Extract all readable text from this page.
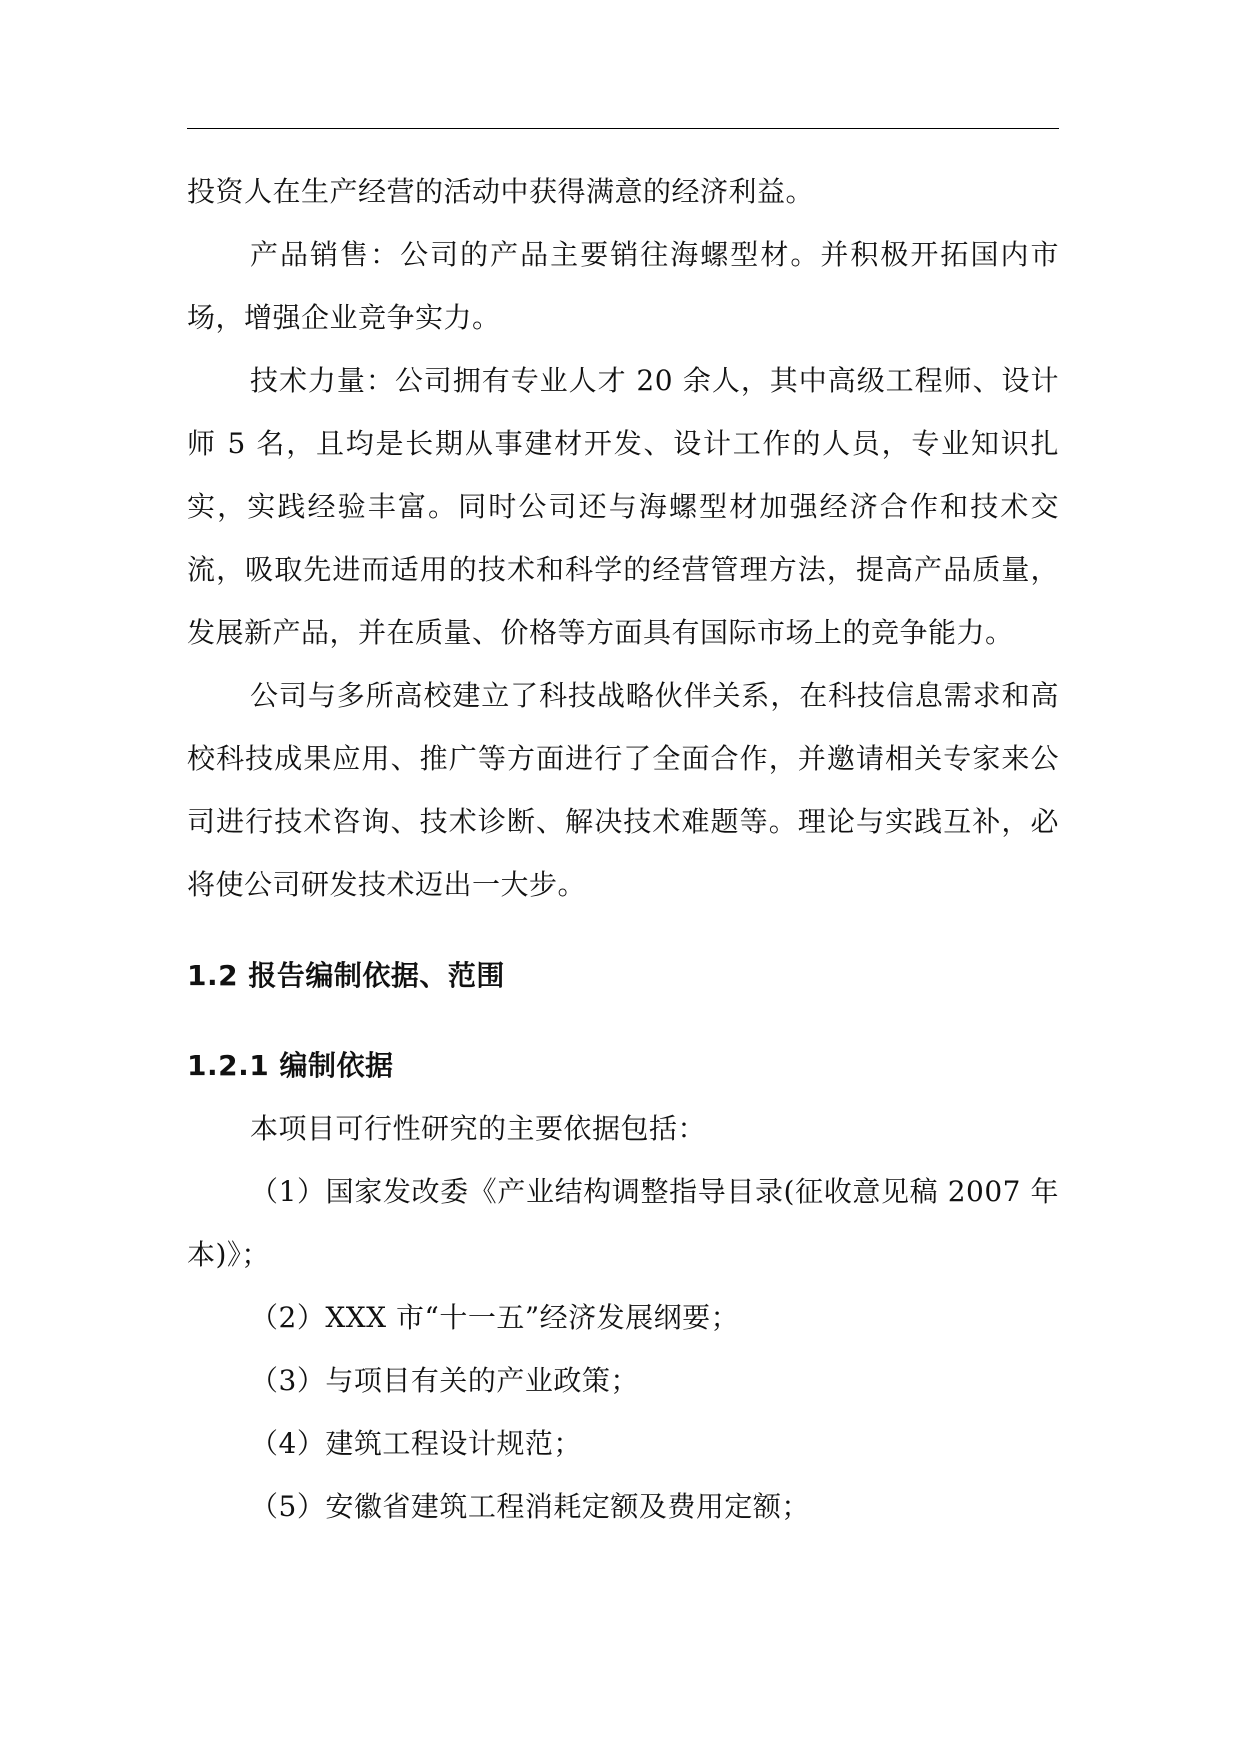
投资人在生产经营的活动中获得满意的经济利益。

产品销售：公司的产品主要销往海螺型材。并积极开拓国内市场，增强企业竞争实力。

技术力量：公司拥有专业人才 20 余人，其中高级工程师、设计师 5 名，且均是长期从事建材开发、设计工作的人员，专业知识扎实，实践经验丰富。同时公司还与海螺型材加强经济合作和技术交流，吸取先进而适用的技术和科学的经营管理方法，提高产品质量，发展新产品，并在质量、价格等方面具有国际市场上的竞争能力。

公司与多所高校建立了科技战略伙伴关系，在科技信息需求和高校科技成果应用、推广等方面进行了全面合作，并邀请相关专家来公司进行技术咨询、技术诊断、解决技术难题等。理论与实践互补，必将使公司研发技术迈出一大步。

1.2 报告编制依据、范围
1.2.1 编制依据

本项目可行性研究的主要依据包括：

（1）国家发改委《产业结构调整指导目录(征收意见稿 2007 年本)》；
（2）XXX 市“十一五”经济发展纲要；
（3）与项目有关的产业政策；
（4）建筑工程设计规范；
（5）安徽省建筑工程消耗定额及费用定额；
